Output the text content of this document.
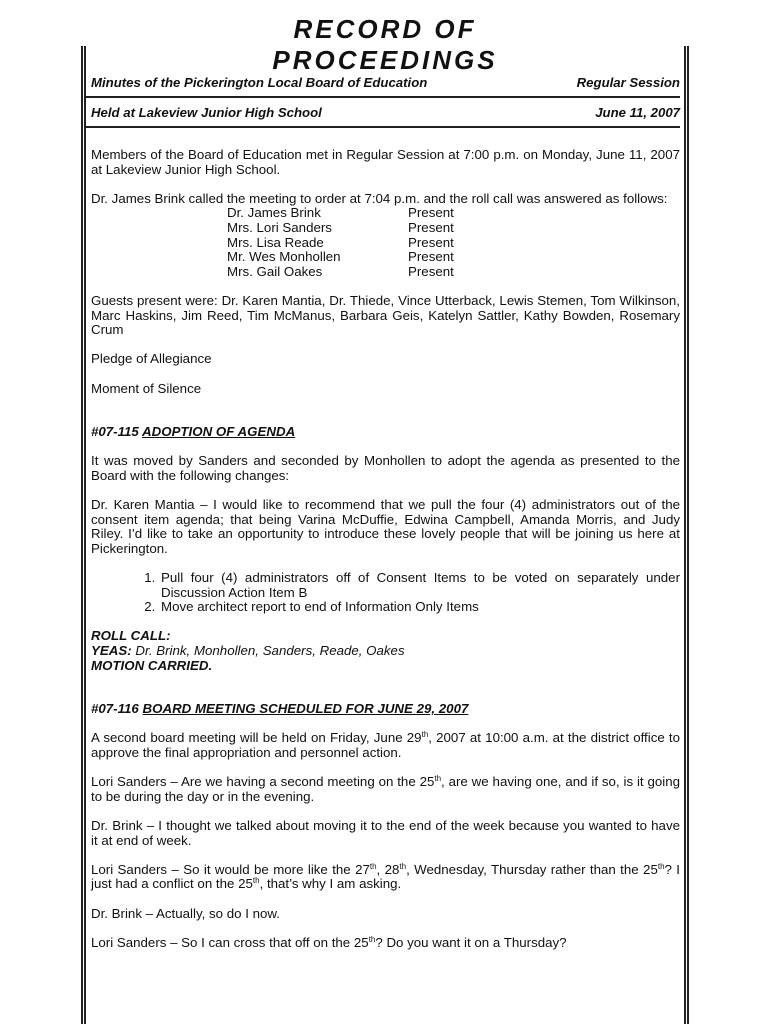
RECORD OF PROCEEDINGS
Minutes of the Pickerington Local Board of Education	Regular Session
Held at Lakeview Junior High School	June 11, 2007

Members of the Board of Education met in Regular Session at 7:00 p.m. on Monday, June 11, 2007 at Lakeview Junior High School.

Dr. James Brink called the meeting to order at 7:04 p.m. and the roll call was answered as follows:

Dr. James Brink	Present
Mrs. Lori Sanders	Present
Mrs. Lisa Reade	Present
Mr. Wes Monhollen	Present
Mrs. Gail Oakes	Present

Guests present were: Dr. Karen Mantia, Dr. Thiede, Vince Utterback, Lewis Stemen, Tom Wilkinson, Marc Haskins, Jim Reed, Tim McManus, Barbara Geis, Katelyn Sattler, Kathy Bowden, Rosemary Crum

Pledge of Allegiance

Moment of Silence

#07-115 ADOPTION OF AGENDA

It was moved by Sanders and seconded by Monhollen to adopt the agenda as presented to the Board with the following changes:

Dr. Karen Mantia – I would like to recommend that we pull the four (4) administrators out of the consent item agenda; that being Varina McDuffie, Edwina Campbell, Amanda Morris, and Judy Riley. I’d like to take an opportunity to introduce these lovely people that will be joining us here at Pickerington.

1. Pull four (4) administrators off of Consent Items to be voted on separately under Discussion Action Item B
2. Move architect report to end of Information Only Items
ROLL CALL:
YEAS: Dr. Brink, Monhollen, Sanders, Reade, Oakes

MOTION CARRIED.

#07-116 BOARD MEETING SCHEDULED FOR JUNE 29, 2007

A second board meeting will be held on Friday, June 29th, 2007 at 10:00 a.m. at the district office to approve the final appropriation and personnel action.

Lori Sanders – Are we having a second meeting on the 25th, are we having one, and if so, is it going to be during the day or in the evening.

Dr. Brink – I thought we talked about moving it to the end of the week because you wanted to have it at end of week.

Lori Sanders – So it would be more like the 27th, 28th, Wednesday, Thursday rather than the 25th? I just had a conflict on the 25th, that’s why I am asking.

Dr. Brink – Actually, so do I now.

Lori Sanders – So I can cross that off on the 25th? Do you want it on a Thursday?
